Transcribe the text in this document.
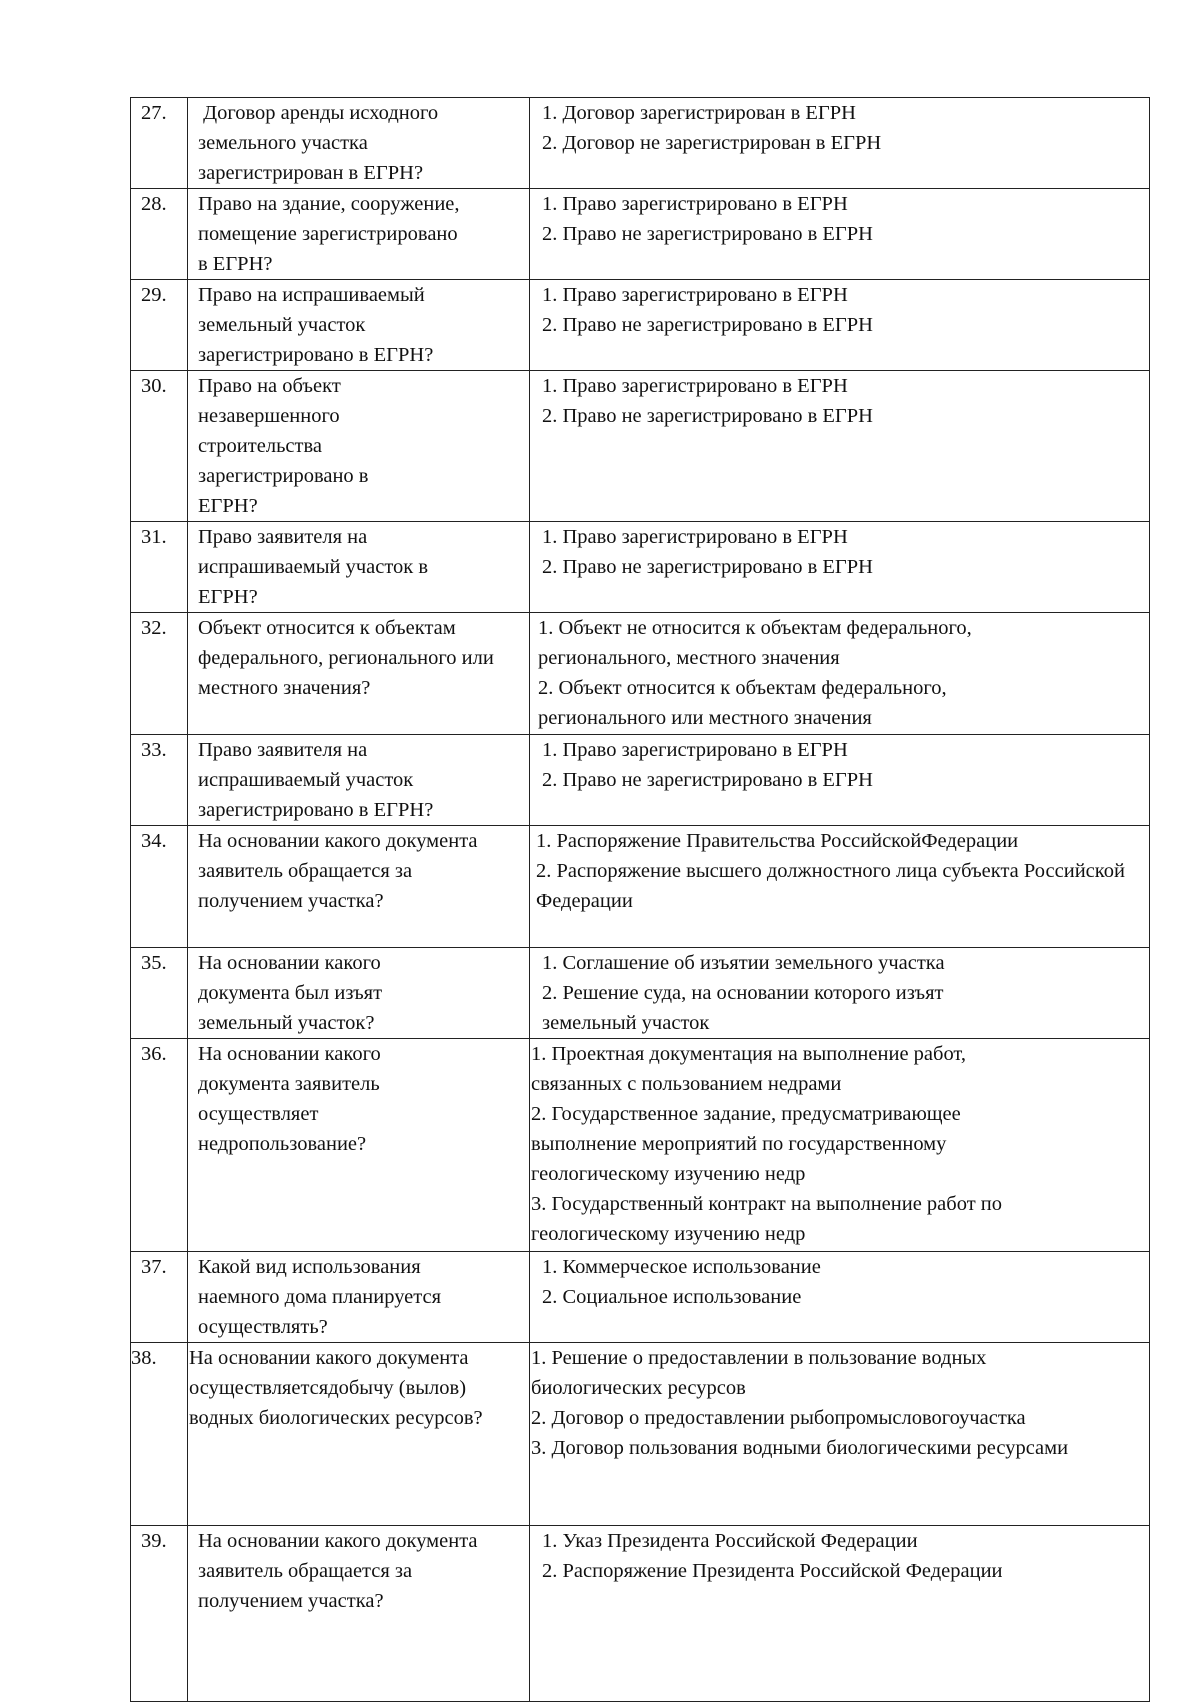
27.	Договор аренды исходного земельного участка зарегистрирован в ЕГРН?	1. Договор зарегистрирован в ЕГРН
2. Договор не зарегистрирован в ЕГРН

28.	Право на здание, сооружение, помещение зарегистрировано в ЕГРН?	1. Право зарегистрировано в ЕГРН
2. Право не зарегистрировано в ЕГРН

29.	Право на испрашиваемый земельный участок зарегистрировано в ЕГРН?	1. Право зарегистрировано в ЕГРН
2. Право не зарегистрировано в ЕГРН

30.	Право на объект незавершенного строительства зарегистрировано в ЕГРН?	1. Право зарегистрировано в ЕГРН
2. Право не зарегистрировано в ЕГРН

31.	Право заявителя на испрашиваемый участок в ЕГРН?	1. Право зарегистрировано в ЕГРН
2. Право не зарегистрировано в ЕГРН

32.	Объект относится к объектам федерального, регионального или местного значения?	1. Объект не относится к объектам федерального, регионального, местного значения
2. Объект относится к объектам федерального, регионального или местного значения

33.	Право заявителя на испрашиваемый участок зарегистрировано в ЕГРН?	1. Право зарегистрировано в ЕГРН
2. Право не зарегистрировано в ЕГРН

34.	На основании какого документа заявитель обращается за получением участка?	1. Распоряжение Правительства РоссийскойФедерации
2. Распоряжение высшего должностного лица субъекта Российской Федерации

35.	На основании какого документа был изъят земельный участок?	1. Соглашение об изъятии земельного участка
2. Решение суда, на основании которого изъят земельный участок

36.	На основании какого документа заявитель осуществляет недропользование?	1. Проектная документация на выполнение работ, связанных с пользованием недрами
2. Государственное задание, предусматривающее выполнение мероприятий по государственному геологическому изучению недр
3. Государственный контракт на выполнение работ по геологическому изучению недр

37.	Какой вид использования наемного дома планируется осуществлять?	1. Коммерческое использование
2. Социальное использование

38.	На основании какого документа осуществляетсядобычу (вылов) водных биологических ресурсов?	1. Решение о предоставлении в пользование водных биологических ресурсов
2. Договор о предоставлении рыбопромысловогоучастка
3. Договор пользования водными биологическими ресурсами

39.	На основании какого документа заявитель обращается за получением участка?	1. Указ Президента Российской Федерации
2. Распоряжение Президента Российской Федерации
